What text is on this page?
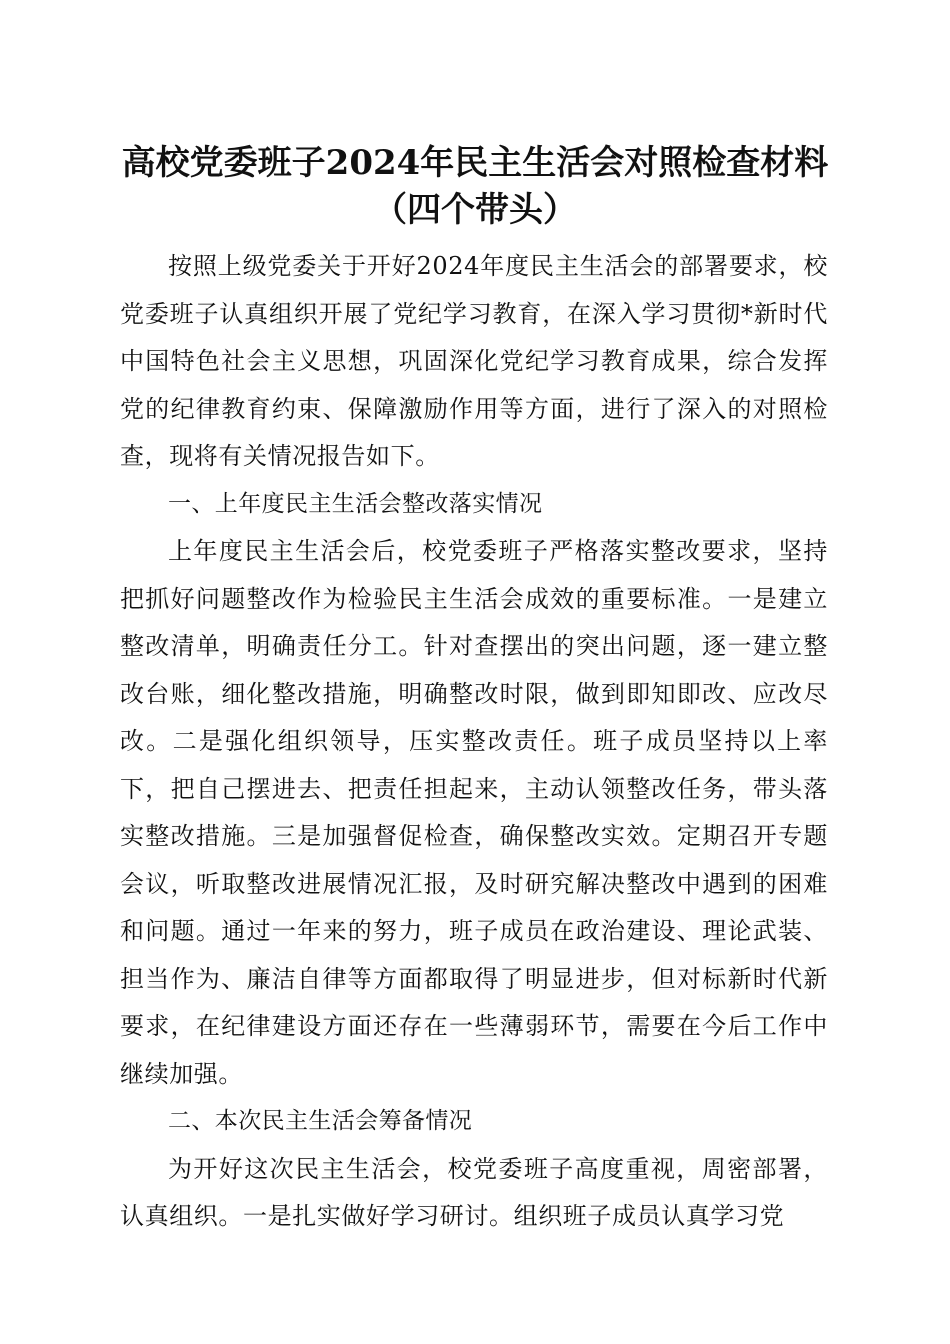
高校党委班子2024年民主生活会对照检查材料（四个带头）

按照上级党委关于开好2024年度民主生活会的部署要求，校党委班子认真组织开展了党纪学习教育，在深入学习贯彻*新时代中国特色社会主义思想，巩固深化党纪学习教育成果，综合发挥党的纪律教育约束、保障激励作用等方面，进行了深入的对照检查，现将有关情况报告如下。

一、上年度民主生活会整改落实情况

上年度民主生活会后，校党委班子严格落实整改要求，坚持把抓好问题整改作为检验民主生活会成效的重要标准。一是建立整改清单，明确责任分工。针对查摆出的突出问题，逐一建立整改台账，细化整改措施，明确整改时限，做到即知即改、应改尽改。二是强化组织领导，压实整改责任。班子成员坚持以上率下，把自己摆进去、把责任担起来，主动认领整改任务，带头落实整改措施。三是加强督促检查，确保整改实效。定期召开专题会议，听取整改进展情况汇报，及时研究解决整改中遇到的困难和问题。通过一年来的努力，班子成员在政治建设、理论武装、担当作为、廉洁自律等方面都取得了明显进步，但对标新时代新要求，在纪律建设方面还存在一些薄弱环节，需要在今后工作中继续加强。

二、本次民主生活会筹备情况

为开好这次民主生活会，校党委班子高度重视，周密部署，认真组织。一是扎实做好学习研讨。组织班子成员认真学习党
